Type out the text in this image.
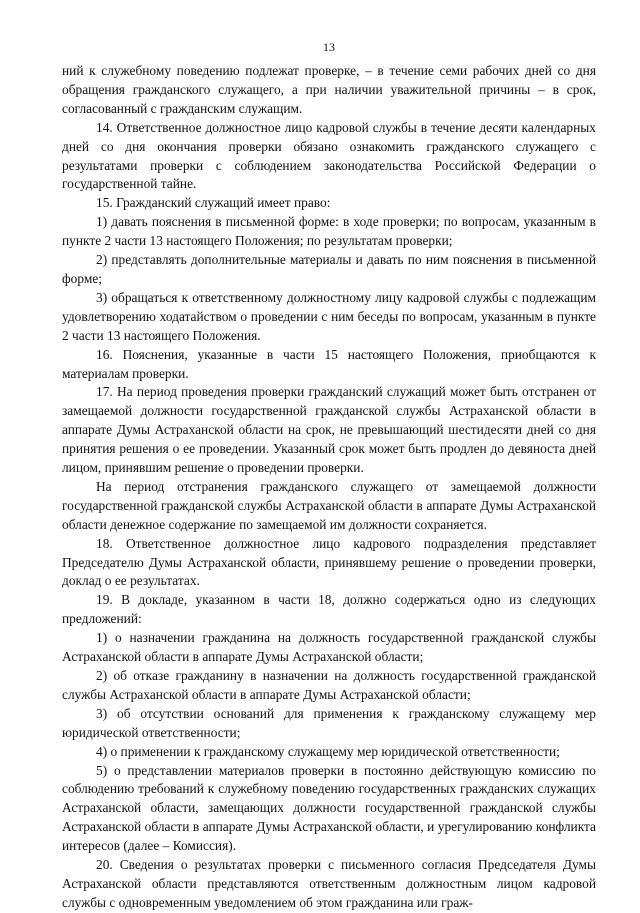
13

ний к служебному поведению подлежат проверке, – в течение семи рабочих дней со дня обращения гражданского служащего, а при наличии уважительной причины – в срок, согласованный с гражданским служащим.

14. Ответственное должностное лицо кадровой службы в течение десяти календарных дней со дня окончания проверки обязано ознакомить гражданского служащего с результатами проверки с соблюдением законодательства Российской Федерации о государственной тайне.

15. Гражданский служащий имеет право:

1) давать пояснения в письменной форме: в ходе проверки; по вопросам, указанным в пункте 2 части 13 настоящего Положения; по результатам проверки;

2) представлять дополнительные материалы и давать по ним пояснения в письменной форме;

3) обращаться к ответственному должностному лицу кадровой службы с подлежащим удовлетворению ходатайством о проведении с ним беседы по вопросам, указанным в пункте 2 части 13 настоящего Положения.

16. Пояснения, указанные в части 15 настоящего Положения, приобщаются к материалам проверки.

17. На период проведения проверки гражданский служащий может быть отстранен от замещаемой должности государственной гражданской службы Астраханской области в аппарате Думы Астраханской области на срок, не превышающий шестидесяти дней со дня принятия решения о ее проведении. Указанный срок может быть продлен до девяноста дней лицом, принявшим решение о проведении проверки.

На период отстранения гражданского служащего от замещаемой должности государственной гражданской службы Астраханской области в аппарате Думы Астраханской области денежное содержание по замещаемой им должности сохраняется.

18. Ответственное должностное лицо кадрового подразделения представляет Председателю Думы Астраханской области, принявшему решение о проведении проверки, доклад о ее результатах.

19. В докладе, указанном в части 18, должно содержаться одно из следующих предложений:

1) о назначении гражданина на должность государственной гражданской службы Астраханской области в аппарате Думы Астраханской области;

2) об отказе гражданину в назначении на должность государственной гражданской службы Астраханской области в аппарате Думы Астраханской области;

3) об отсутствии оснований для применения к гражданскому служащему мер юридической ответственности;

4) о применении к гражданскому служащему мер юридической ответственности;

5) о представлении материалов проверки в постоянно действующую комиссию по соблюдению требований к служебному поведению государственных гражданских служащих Астраханской области, замещающих должности государственной гражданской службы Астраханской области в аппарате Думы Астраханской области, и урегулированию конфликта интересов (далее – Комиссия).

20. Сведения о результатах проверки с письменного согласия Председателя Думы Астраханской области представляются ответственным должностным лицом кадровой службы с одновременным уведомлением об этом гражданина или граж-
